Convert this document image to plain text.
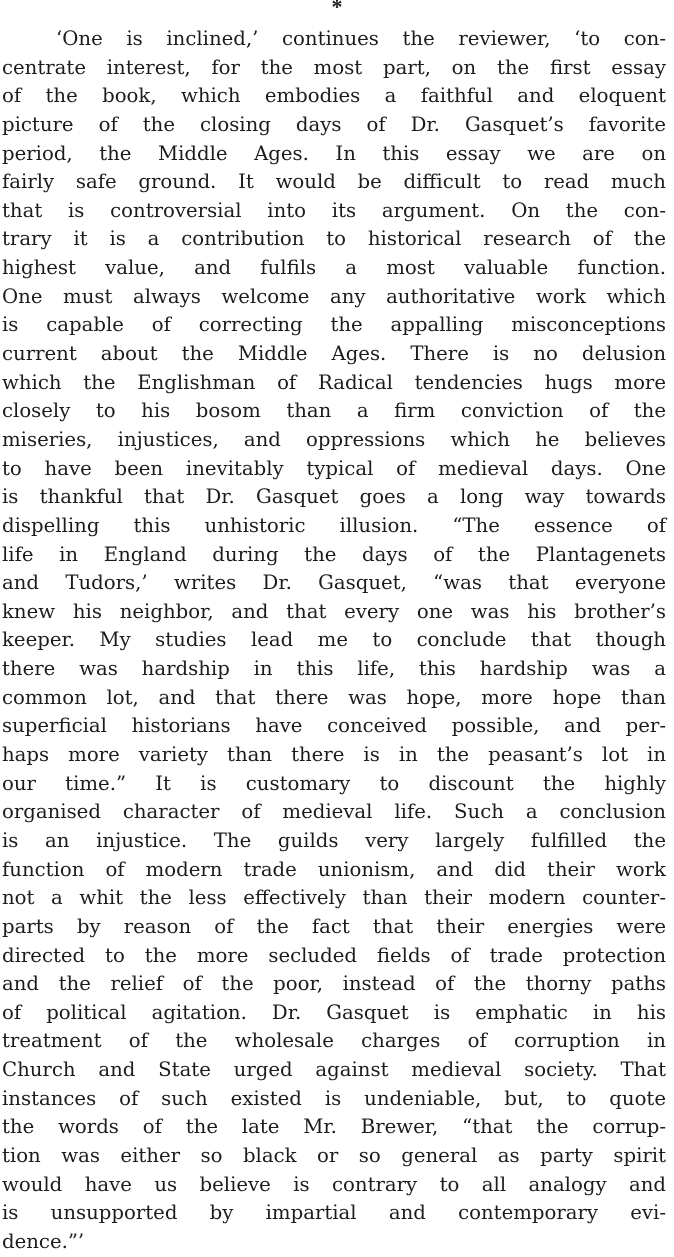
*
‘One is inclined,’ continues the reviewer, ‘to con-
centrate interest, for the most part, on the first essay
of the book, which embodies a faithful and eloquent
picture of the closing days of Dr. Gasquet’s favorite
period, the Middle Ages. In this essay we are on
fairly safe ground. It would be difficult to read much
that is controversial into its argument. On the con-
trary it is a contribution to historical research of the
highest value, and fulfils a most valuable function.
One must always welcome any authoritative work which
is capable of correcting the appalling misconceptions
current about the Middle Ages. There is no delusion
which the Englishman of Radical tendencies hugs more
closely to his bosom than a firm conviction of the
miseries, injustices, and oppressions which he believes
to have been inevitably typical of medieval days. One
is thankful that Dr. Gasquet goes a long way towards
dispelling this unhistoric illusion. “The essence of
life in England during the days of the Plantagenets
and Tudors,’ writes Dr. Gasquet, “was that everyone
knew his neighbor, and that every one was his brother’s
keeper. My studies lead me to conclude that though
there was hardship in this life, this hardship was a
common lot, and that there was hope, more hope than
superficial historians have conceived possible, and per-
haps more variety than there is in the peasant’s lot in
our time.” It is customary to discount the highly
organised character of medieval life. Such a conclusion
is an injustice. The guilds very largely fulfilled the
function of modern trade unionism, and did their work
not a whit the less effectively than their modern counter-
parts by reason of the fact that their energies were
directed to the more secluded fields of trade protection
and the relief of the poor, instead of the thorny paths
of political agitation. Dr. Gasquet is emphatic in his
treatment of the wholesale charges of corruption in
Church and State urged against medieval society. That
instances of such existed is undeniable, but, to quote
the words of the late Mr. Brewer, “that the corrup-
tion was either so black or so general as party spirit
would have us believe is contrary to all analogy and
is unsupported by impartial and contemporary evi-
dence.”’
